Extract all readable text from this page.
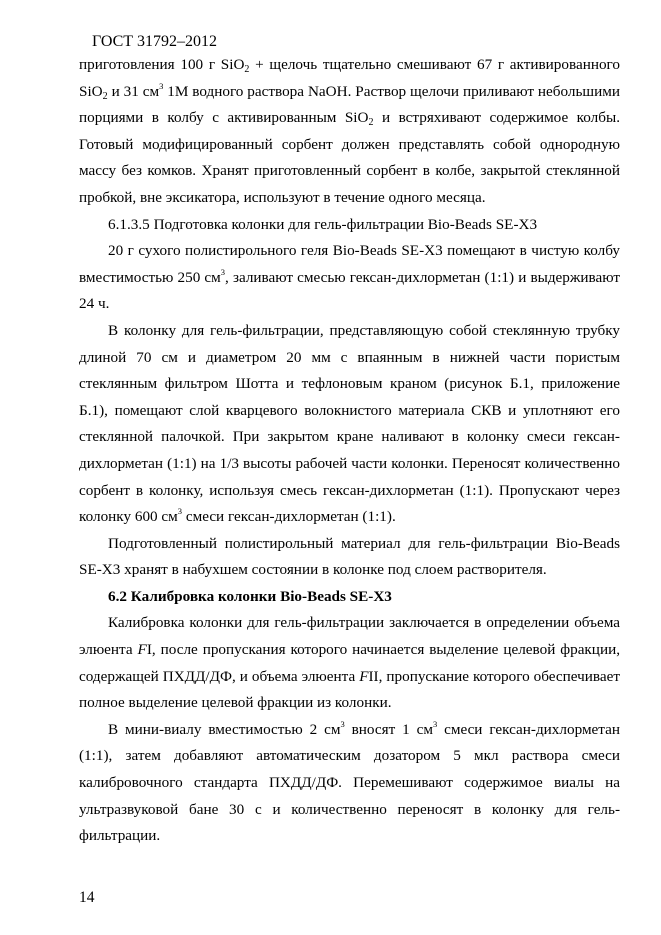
ГОСТ 31792–2012

приготовления 100 г SiO$_2$ + щелочь тщательно смешивают 67 г активированного SiO$_2$ и 31 $см^3$ 1М водного раствора NaOH. Раствор щелочи приливают небольшими порциями в колбу с активированным SiO$_2$ и встряхивают содержимое колбы. Готовый модифицированный сорбент должен представлять собой однородную массу без комков. Хранят приготовленный сорбент в колбе, закрытой стеклянной пробкой, вне эксикатора, используют в течение одного месяца.

6.1.3.5 Подготовка колонки для гель-фильтрации Bio-Beads SE-X3

20 г сухого полистирольного геля Bio-Beads SE-X3 помещают в чистую колбу вместимостью 250 $см^3$, заливают смесью гексан-дихлорметан (1:1) и выдерживают 24 ч.

В колонку для гель-фильтрации, представляющую собой стеклянную трубку длиной 70 см и диаметром 20 мм с впаянным в нижней части пористым стеклянным фильтром Шотта и тефлоновым краном (рисунок Б.1, приложение Б.1), помещают слой кварцевого волокнистого материала СКВ и уплотняют его стеклянной палочкой. При закрытом кране наливают в колонку смеси гексан-дихлорметан (1:1) на 1/3 высоты рабочей части колонки. Переносят количественно сорбент в колонку, используя смесь гексан-дихлорметан (1:1). Пропускают через колонку 600 $см^3$ смеси гексан-дихлорметан (1:1).

Подготовленный полистирольный материал для гель-фильтрации Bio-Beads SE-X3 хранят в набухшем состоянии в колонке под слоем растворителя.

6.2 Калибровка колонки Bio-Beads SE-X3

Калибровка колонки для гель-фильтрации заключается в определении объема элюента FI, после пропускания которого начинается выделение целевой фракции, содержащей ПХДД/ДФ, и объема элюента FII, пропускание которого обеспечивает полное выделение целевой фракции из колонки.

В мини-виалу вместимостью 2 $см^3$ вносят 1 $см^3$ смеси гексан-дихлорметан (1:1), затем добавляют автоматическим дозатором 5 мкл раствора смеси калибровочного стандарта ПХДД/ДФ. Перемешивают содержимое виалы на ультразвуковой бане 30 с и количественно переносят в колонку для гель-фильтрации.

14
